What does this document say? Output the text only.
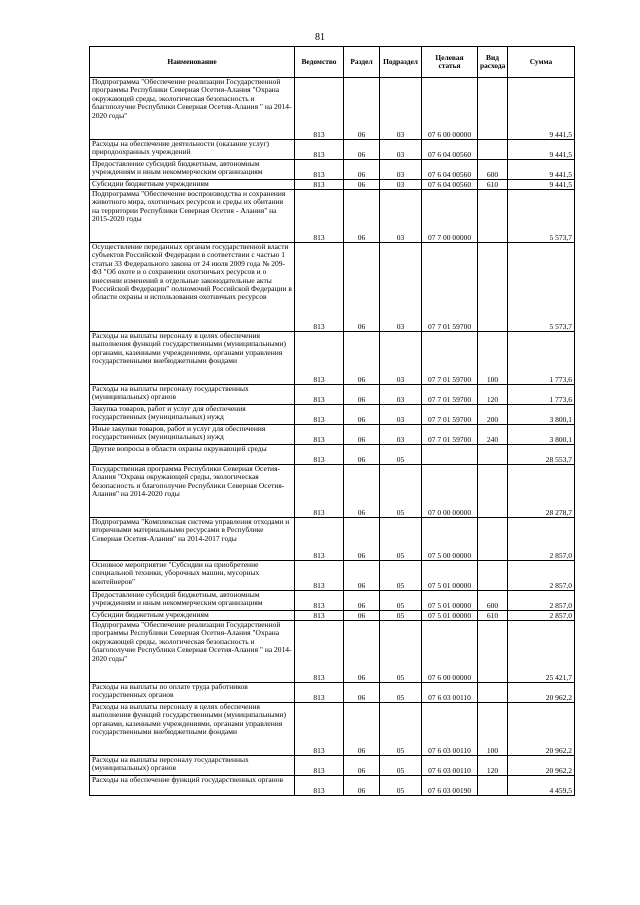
81
Наименование	Ведомство	Раздел	Подраздел	Целевая статья	Вид расхода	Сумма
Подпрограмма "Обеспечение реализации Государственной программы Республики Северная Осетия-Алания "Охрана окружающей среды, экологическая безопасность и благополучие Республики Северная Осетия-Алания " на 2014-2020 годы"	813	06	03	07 6 00 00000		9 441,5
Расходы на обеспечение деятельности (оказание услуг) природоохранных учреждений	813	06	03	07 6 04 00560		9 441,5
Предоставление субсидий бюджетным, автономным учреждениям и иным некоммерческим организациям	813	06	03	07 6 04 00560	600	9 441,5
Субсидии бюджетным учреждениям	813	06	03	07 6 04 00560	610	9 441,5
Подпрограмма "Обеспечение воспроизводства и сохранения животного мира, охотничьих ресурсов и среды их обитания на территории Республики Северная Осетия - Алания" на 2015-2020 годы	813	06	03	07 7 00 00000		5 573,7
Осуществление переданных органам государственной власти субъектов Российской Федерации в соответствии с частью 1 статьи 33 Федерального закона от 24 июля 2009 года № 209-ФЗ "Об охоте и о сохранении охотничьих ресурсов и о внесении изменений в отдельные законодательные акты Российской Федерации" полномочий Российской Федерации в области охраны и использования охотничьих ресурсов	813	06	03	07 7 01 59700		5 573,7
Расходы на выплаты персоналу в целях обеспечения выполнения функций государственными (муниципальными) органами, казенными учреждениями, органами управления государственными внебюджетными фондами	813	06	03	07 7 01 59700	100	1 773,6
Расходы на выплаты персоналу государственных (муниципальных) органов	813	06	03	07 7 01 59700	120	1 773,6
Закупка товаров, работ и услуг для обеспечения государственных (муниципальных) нужд	813	06	03	07 7 01 59700	200	3 800,1
Иные закупки товаров, работ и услуг для обеспечения государственных (муниципальных) нужд	813	06	03	07 7 01 59700	240	3 800,1
Другие вопросы в области охраны окружающей среды	813	06	05			28 553,7
Государственная программа Республики Северная Осетия-Алания "Охрана окружающей среды, экологическая безопасность и благополучие Республики Северная Осетия-Алания" на 2014-2020 годы	813	06	05	07 0 00 00000		28 278,7
Подпрограмма "Комплексная система управления отходами и вторичными материальными ресурсами в Республике Северная Осетия-Алания" на 2014-2017 годы	813	06	05	07 5 00 00000		2 857,0
Основное мероприятие "Субсидии на приобретение специальной техники, уборочных машин, мусорных контейнеров"	813	06	05	07 5 01 00000		2 857,0
Предоставление субсидий бюджетным, автономным учреждениям и иным некоммерческим организациям	813	06	05	07 5 01 00000	600	2 857,0
Субсидии бюджетным учреждениям	813	06	05	07 5 01 00000	610	2 857,0
Подпрограмма "Обеспечение реализации Государственной программы Республики Северная Осетия-Алания "Охрана окружающей среды, экологическая безопасность и благополучие Республики Северная Осетия-Алания " на 2014-2020 годы"	813	06	05	07 6 00 00000		25 421,7
Расходы на выплаты по оплате труда работников государственных органов	813	06	05	07 6 03 00110		20 962,2
Расходы на выплаты персоналу в целях обеспечения выполнения функций государственными (муниципальными) органами, казенными учреждениями, органами управления государственными внебюджетными фондами	813	06	05	07 6 03 00110	100	20 962,2
Расходы на выплаты персоналу государственных (муниципальных) органов	813	06	05	07 6 03 00110	120	20 962,2
Расходы на обеспечение функций государственных органов	813	06	05	07 6 03 00190		4 459,5
